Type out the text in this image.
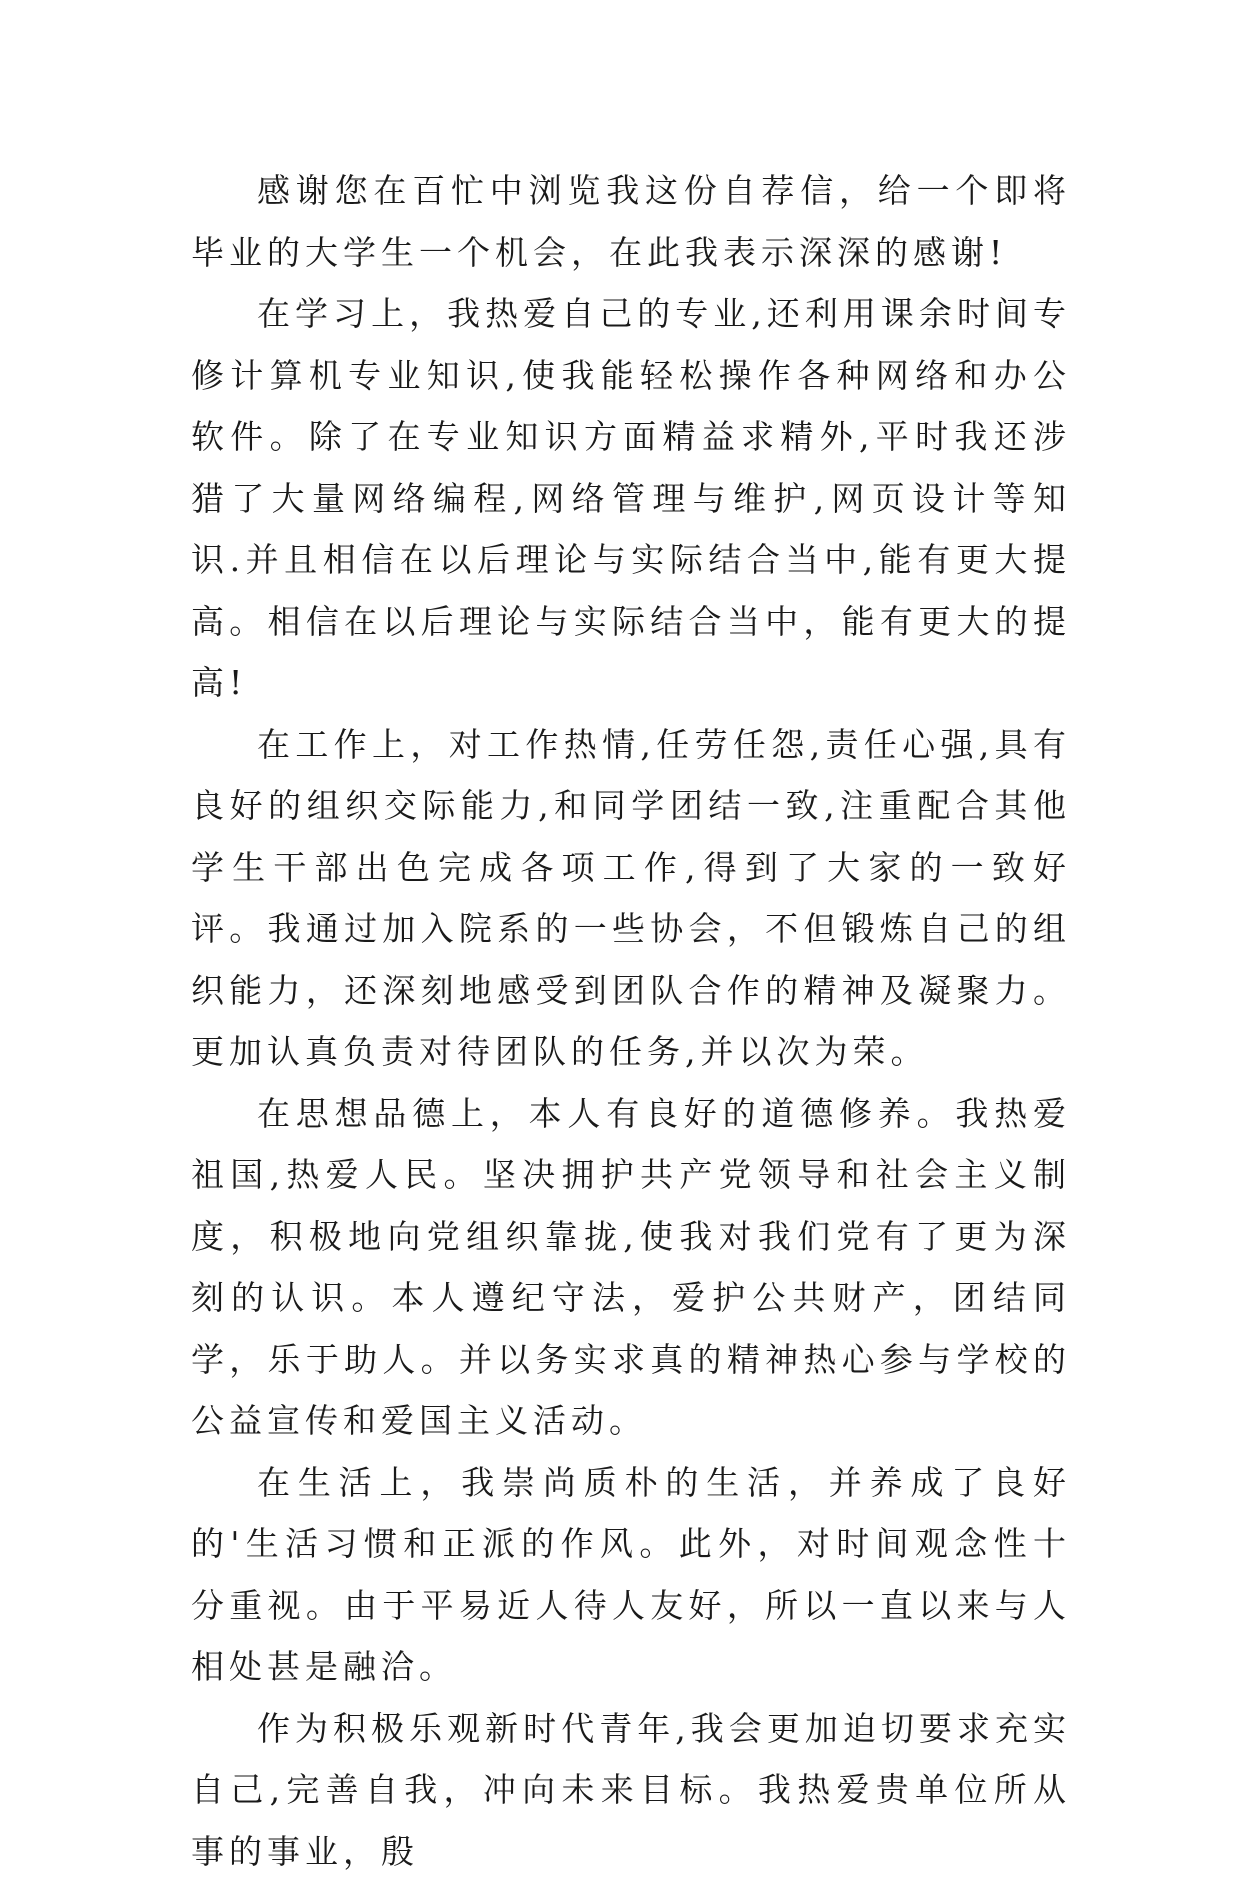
感谢您在百忙中浏览我这份自荐信，给一个即将毕业的大学生一个机会，在此我表示深深的感谢!

在学习上，我热爱自己的专业,还利用课余时间专修计算机专业知识,使我能轻松操作各种网络和办公软件。除了在专业知识方面精益求精外,平时我还涉猎了大量网络编程,网络管理与维护,网页设计等知识.并且相信在以后理论与实际结合当中,能有更大提高。相信在以后理论与实际结合当中，能有更大的提高!

在工作上，对工作热情,任劳任怨,责任心强,具有良好的组织交际能力,和同学团结一致,注重配合其他学生干部出色完成各项工作,得到了大家的一致好评。我通过加入院系的一些协会，不但锻炼自己的组织能力，还深刻地感受到团队合作的精神及凝聚力。更加认真负责对待团队的任务,并以次为荣。

在思想品德上，本人有良好的道德修养。我热爱祖国,热爱人民。坚决拥护共产党领导和社会主义制度，积极地向党组织靠拢,使我对我们党有了更为深刻的认识。本人遵纪守法，爱护公共财产，团结同学，乐于助人。并以务实求真的精神热心参与学校的公益宣传和爱国主义活动。

在生活上，我崇尚质朴的生活，并养成了良好的'生活习惯和正派的作风。此外，对时间观念性十分重视。由于平易近人待人友好，所以一直以来与人相处甚是融洽。

作为积极乐观新时代青年,我会更加迫切要求充实自己,完善自我，冲向未来目标。我热爱贵单位所从事的事业，殷
